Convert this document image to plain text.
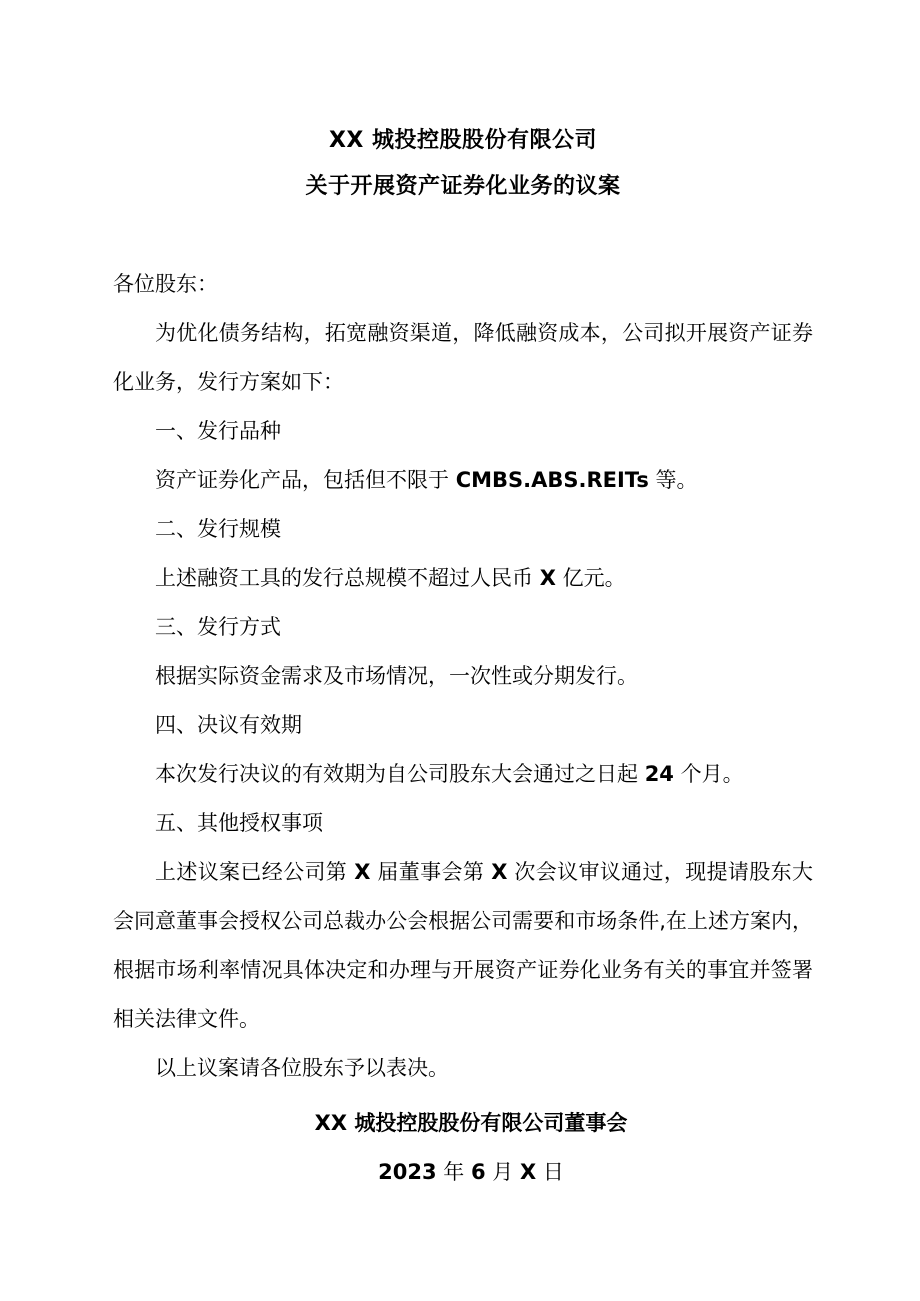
XX 城投控股股份有限公司
关于开展资产证券化业务的议案

各位股东：

为优化债务结构，拓宽融资渠道，降低融资成本，公司拟开展资产证券化业务，发行方案如下：

一、发行品种

资产证券化产品，包括但不限于 CMBS.ABS.REITs 等。

二、发行规模

上述融资工具的发行总规模不超过人民币 X 亿元。

三、发行方式

根据实际资金需求及市场情况，一次性或分期发行。

四、决议有效期

本次发行决议的有效期为自公司股东大会通过之日起 24 个月。

五、其他授权事项

上述议案已经公司第 X 届董事会第 X 次会议审议通过，现提请股东大会同意董事会授权公司总裁办公会根据公司需要和市场条件,在上述方案内，根据市场利率情况具体决定和办理与开展资产证券化业务有关的事宜并签署相关法律文件。

以上议案请各位股东予以表决。

XX 城投控股股份有限公司董事会
2023 年 6 月 X 日
